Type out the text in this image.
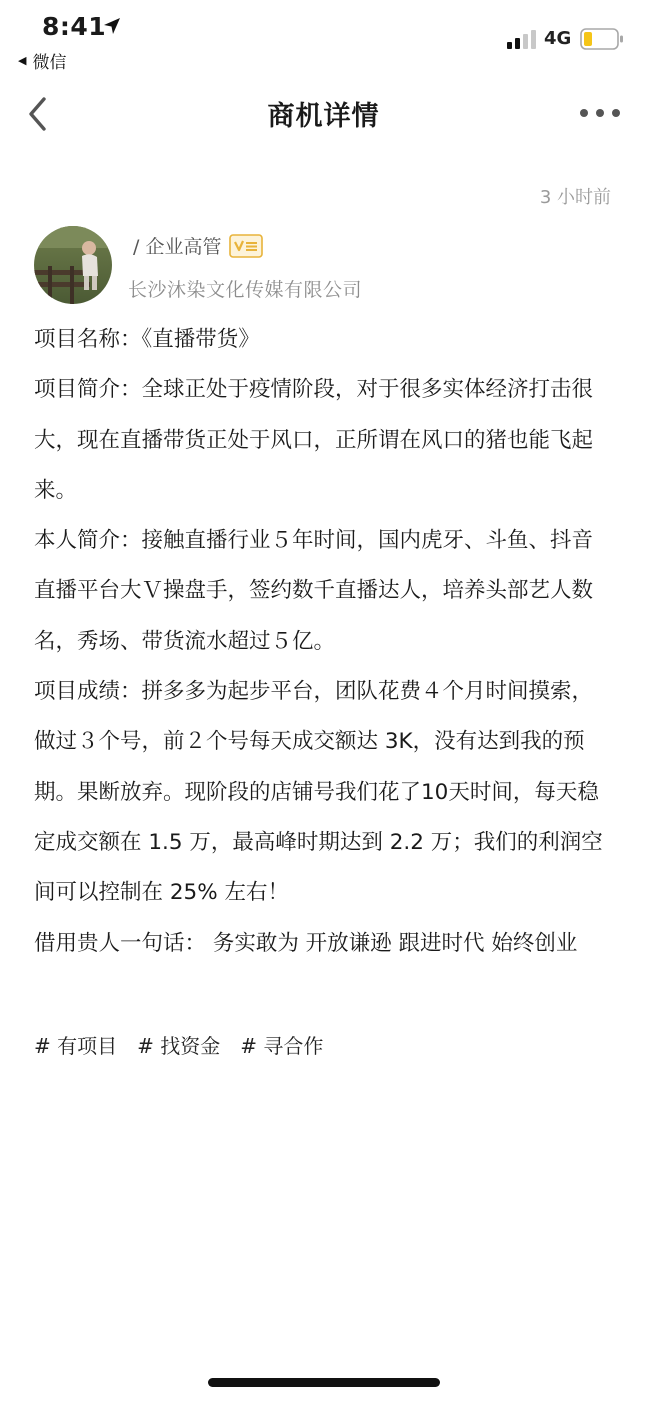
8:41
◀ 微信
4G
商机详情
3 小时前
/ 企业高管
长沙沐染文化传媒有限公司

项目名称：《直播带货》

项目简介：全球正处于疫情阶段，对于很多实体经济打击很大，现在直播带货正处于风口，正所谓在风口的猪也能飞起来。

本人简介：接触直播行业５年时间，国内虎牙、斗鱼、抖音直播平台大Ｖ操盘手，签约数千直播达人，培养头部艺人数名，秀场、带货流水超过５亿。

项目成绩：拼多多为起步平台，团队花费４个月时间摸索，做过３个号，前２个号每天成交额达 3K，没有达到我的预期。果断放弃。现阶段的店铺号我们花了10天时间，每天稳定成交额在 1.5 万，最高峰时期达到 2.2 万；我们的利润空间可以控制在 25% 左右！

借用贵人一句话： 务实敢为 开放谦逊 跟进时代 始终创业

# 有项目 # 找资金 # 寻合作
